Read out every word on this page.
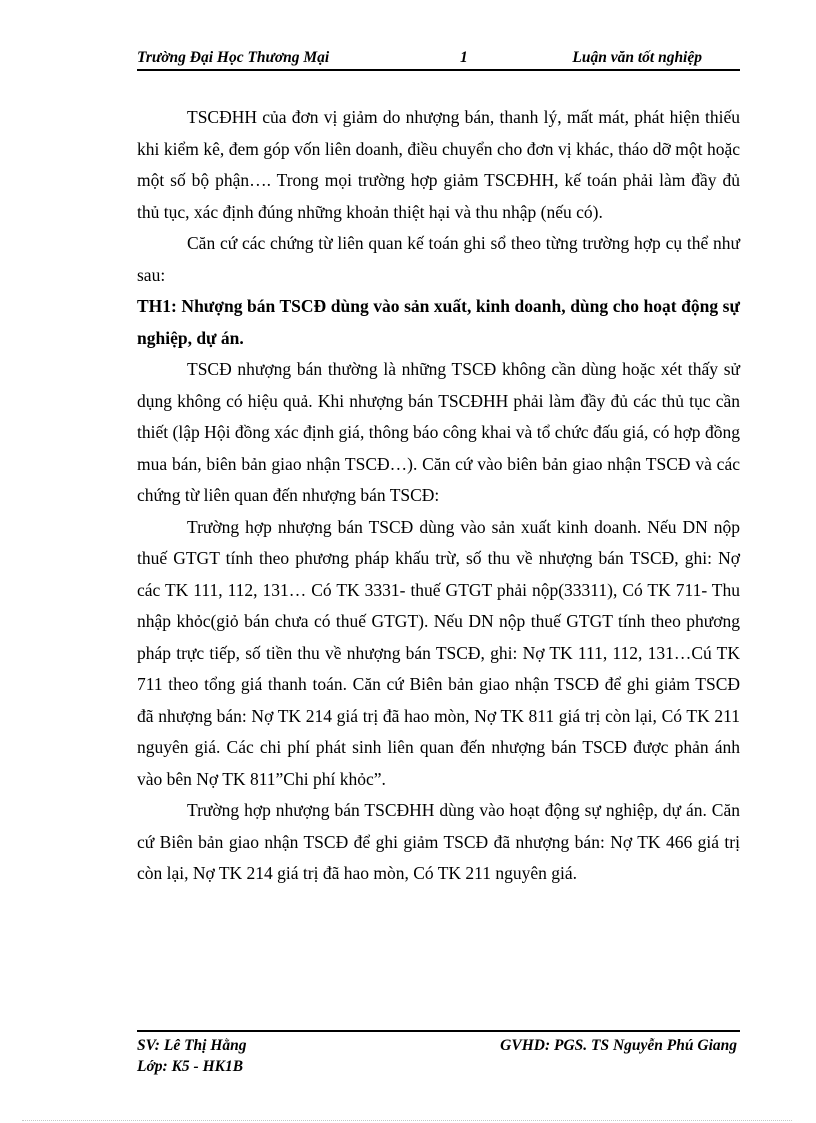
Trường Đại Học Thương Mại	1	Luận văn tốt nghiệp

TSCĐHH của đơn vị giảm do nhượng bán, thanh lý, mất mát, phát hiện thiếu khi kiểm kê, đem góp vốn liên doanh, điều chuyển cho đơn vị khác, tháo dỡ một hoặc một số bộ phận…. Trong mọi trường hợp giảm TSCĐHH, kế toán phải làm đầy đủ thủ tục, xác định đúng những khoản thiệt hại và thu nhập (nếu có).

Căn cứ các chứng từ liên quan kế toán ghi sổ theo từng trường hợp cụ thể như sau:

TH1: Nhượng bán TSCĐ dùng vào sản xuất, kinh doanh, dùng cho hoạt động sự nghiệp, dự án.

TSCĐ nhượng bán thường là những TSCĐ không cần dùng hoặc xét thấy sử dụng không có hiệu quả. Khi nhượng bán TSCĐHH phải làm đầy đủ các thủ tục cần thiết (lập Hội đồng xác định giá, thông báo công khai và tổ chức đấu giá, có hợp đồng mua bán, biên bản giao nhận TSCĐ…). Căn cứ vào biên bản giao nhận TSCĐ và các chứng từ liên quan đến nhượng bán TSCĐ:

Trường hợp nhượng bán TSCĐ dùng vào sản xuất kinh doanh. Nếu DN nộp thuế GTGT tính theo phương pháp khấu trừ, số thu về nhượng bán TSCĐ, ghi: Nợ các TK 111, 112, 131… Có TK 3331- thuế GTGT phải nộp(33311), Có TK 711- Thu nhập khỏc(giỏ bán chưa có thuế GTGT). Nếu DN nộp thuế GTGT tính theo phương pháp trực tiếp, số tiền thu về nhượng bán TSCĐ, ghi: Nợ TK 111, 112, 131…Cú TK 711 theo tổng giá thanh toán. Căn cứ Biên bản giao nhận TSCĐ để ghi giảm TSCĐ đã nhượng bán: Nợ TK 214 giá trị đã hao mòn, Nợ TK 811 giá trị còn lại, Có TK 211 nguyên giá. Các chi phí phát sinh liên quan đến nhượng bán TSCĐ được phản ánh vào bên Nợ TK 811”Chi phí khỏc”.

Trường hợp nhượng bán TSCĐHH dùng vào hoạt động sự nghiệp, dự án. Căn cứ Biên bản giao nhận TSCĐ để ghi giảm TSCĐ đã nhượng bán: Nợ TK 466 giá trị còn lại, Nợ TK 214 giá trị đã hao mòn, Có TK 211 nguyên giá.

SV: Lê Thị Hằng
Lớp: K5 - HK1B
GVHD: PGS. TS Nguyễn Phú Giang
